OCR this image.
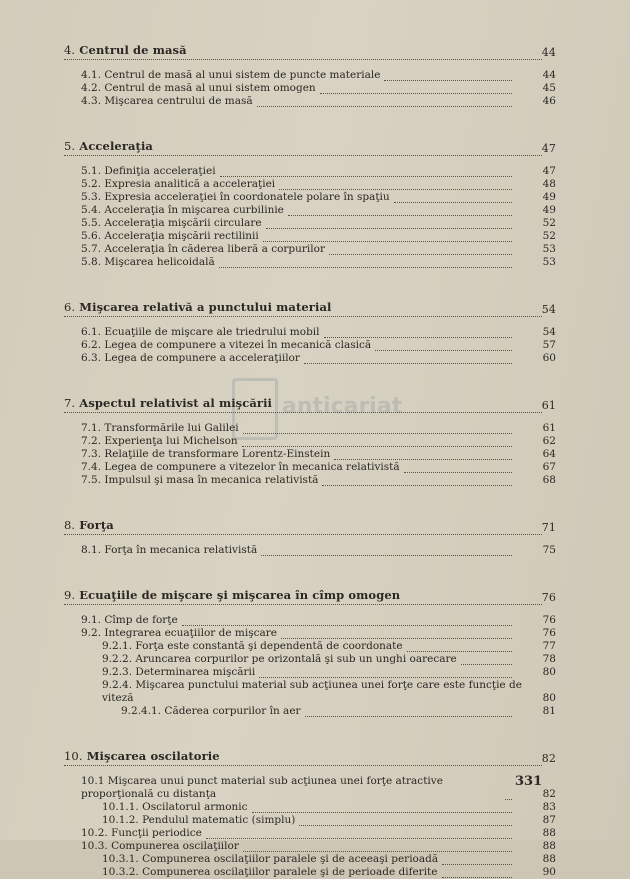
anticariat
4. Centrul de masă	44
4.1. Centrul de masă al unui sistem de puncte materiale	44
4.2. Centrul de masă al unui sistem omogen	45
4.3. Mişcarea centrului de masă	46
5. Acceleraţia	47
5.1. Definiţia acceleraţiei	47
5.2. Expresia analitică a acceleraţiei	48
5.3. Expresia acceleraţiei în coordonatele polare în spaţiu	49
5.4. Acceleraţia în mişcarea curbilinie	49
5.5. Acceleraţia mişcării circulare	52
5.6. Acceleraţia mişcării rectilinii	52
5.7. Acceleraţia în căderea liberă a corpurilor	53
5.8. Mişcarea helicoidală	53
6. Mişcarea relativă a punctului material	54
6.1. Ecuaţiile de mişcare ale triedrului mobil	54
6.2. Legea de compunere a vitezei în mecanică clasică	57
6.3. Legea de compunere a acceleraţiilor	60
7. Aspectul relativist al mişcării	61
7.1. Transformările lui Galilei	61
7.2. Experienţa lui Michelson	62
7.3. Relaţiile de transformare Lorentz-Einstein	64
7.4. Legea de compunere a vitezelor în mecanica relativistă	67
7.5. Impulsul şi masa în mecanica relativistă	68
8. Forţa	71
8.1. Forţa în mecanica relativistă	75
9. Ecuaţiile de mişcare şi mişcarea în cîmp omogen	76
9.1. Cîmp de forţe	76
9.2. Integrarea ecuaţiilor de mişcare	76
9.2.1. Forţa este constantă şi dependentă de coordonate	77
9.2.2. Aruncarea corpurilor pe orizontală şi sub un unghi oarecare	78
9.2.3. Determinarea mişcării	80
9.2.4. Mişcarea punctului material sub acţiunea unei forţe care este funcţie de viteză	80
9.2.4.1. Căderea corpurilor în aer	81
10. Mişcarea oscilatorie	82
10.1 Mişcarea unui punct material sub acţiunea unei forţe atractive proporţională cu distanţa	82
10.1.1. Oscilatorul armonic	83
10.1.2. Pendulul matematic (simplu)	87
10.2. Funcţii periodice	88
10.3. Compunerea oscilaţiilor	88
10.3.1. Compunerea oscilaţiilor paralele şi de aceeaşi perioadă	88
10.3.2. Compunerea oscilaţiilor paralele şi de perioade diferite	90
331
